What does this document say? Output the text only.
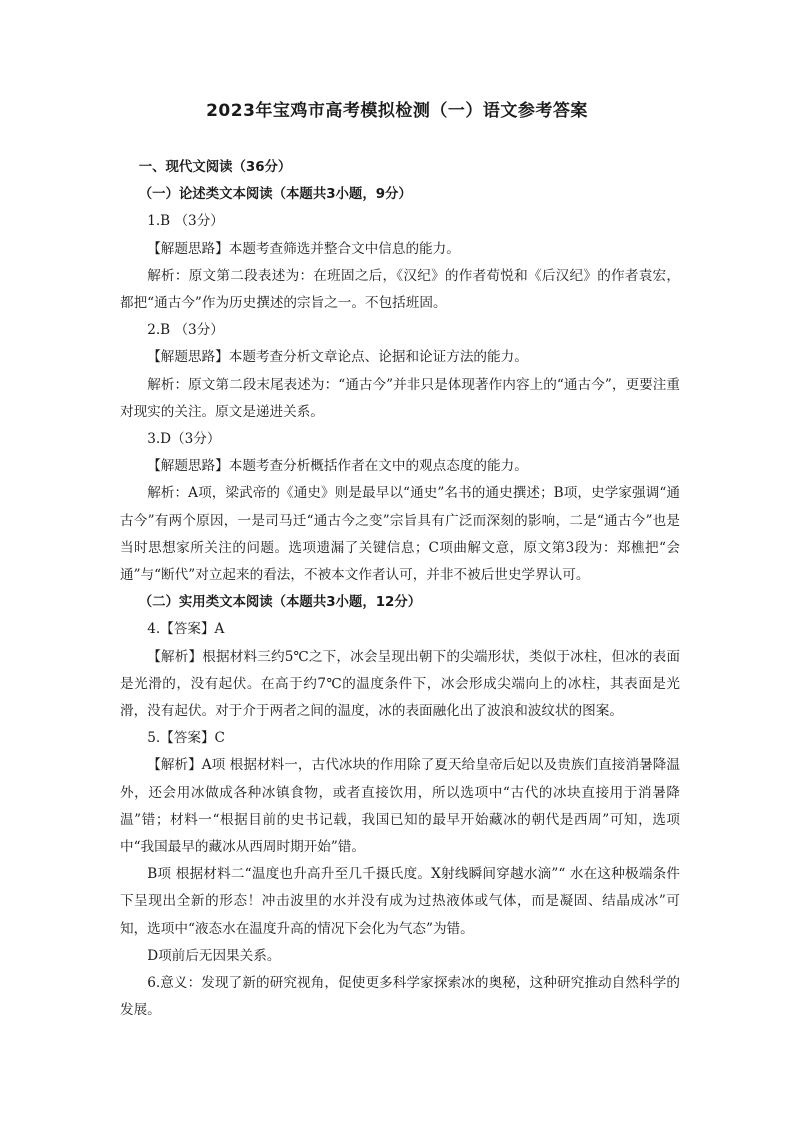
2023年宝鸡市高考模拟检测（一）语文参考答案

一、现代文阅读（36分）

（一）论述类文本阅读（本题共3小题，9分）

1.B （3分）

【解题思路】本题考查筛选并整合文中信息的能力。

解析：原文第二段表述为：在班固之后，《汉纪》的作者荀悦和《后汉纪》的作者袁宏，都把“通古今”作为历史撰述的宗旨之一。不包括班固。

2.B （3分）

【解题思路】本题考查分析文章论点、论据和论证方法的能力。

解析：原文第二段末尾表述为：“通古今”并非只是体现著作内容上的“通古今”，更要注重对现实的关注。原文是递进关系。

3.D（3分）

【解题思路】本题考查分析概括作者在文中的观点态度的能力。

解析：A项，梁武帝的《通史》则是最早以“通史”名书的通史撰述；B项，史学家强调“通古今”有两个原因，一是司马迁“通古今之变”宗旨具有广泛而深刻的影响，二是“通古今”也是当时思想家所关注的问题。选项遗漏了关键信息；C项曲解文意，原文第3段为：郑樵把“会通”与“断代”对立起来的看法，不被本文作者认可，并非不被后世史学界认可。

（二）实用类文本阅读（本题共3小题，12分）

4.【答案】A

【解析】根据材料三约5℃之下，冰会呈现出朝下的尖端形状，类似于冰柱，但冰的表面是光滑的，没有起伏。在高于约7℃的温度条件下，冰会形成尖端向上的冰柱，其表面是光滑，没有起伏。对于介于两者之间的温度，冰的表面融化出了波浪和波纹状的图案。

5.【答案】C

【解析】A项 根据材料一，古代冰块的作用除了夏天给皇帝后妃以及贵族们直接消暑降温外，还会用冰做成各种冰镇食物，或者直接饮用，所以选项中“古代的冰块直接用于消暑降温”错；材料一“根据目前的史书记载，我国已知的最早开始藏冰的朝代是西周”可知，选项中“我国最早的藏冰从西周时期开始”错。

B项 根据材料二“温度也升高升至几千摄氏度。X射线瞬间穿越水滴”“ 水在这种极端条件下呈现出全新的形态！冲击波里的水并没有成为过热液体或气体，而是凝固、结晶成冰”可知，选项中“液态水在温度升高的情况下会化为气态”为错。

D项前后无因果关系。

6.意义：发现了新的研究视角，促使更多科学家探索冰的奥秘，这种研究推动自然科学的发展。
